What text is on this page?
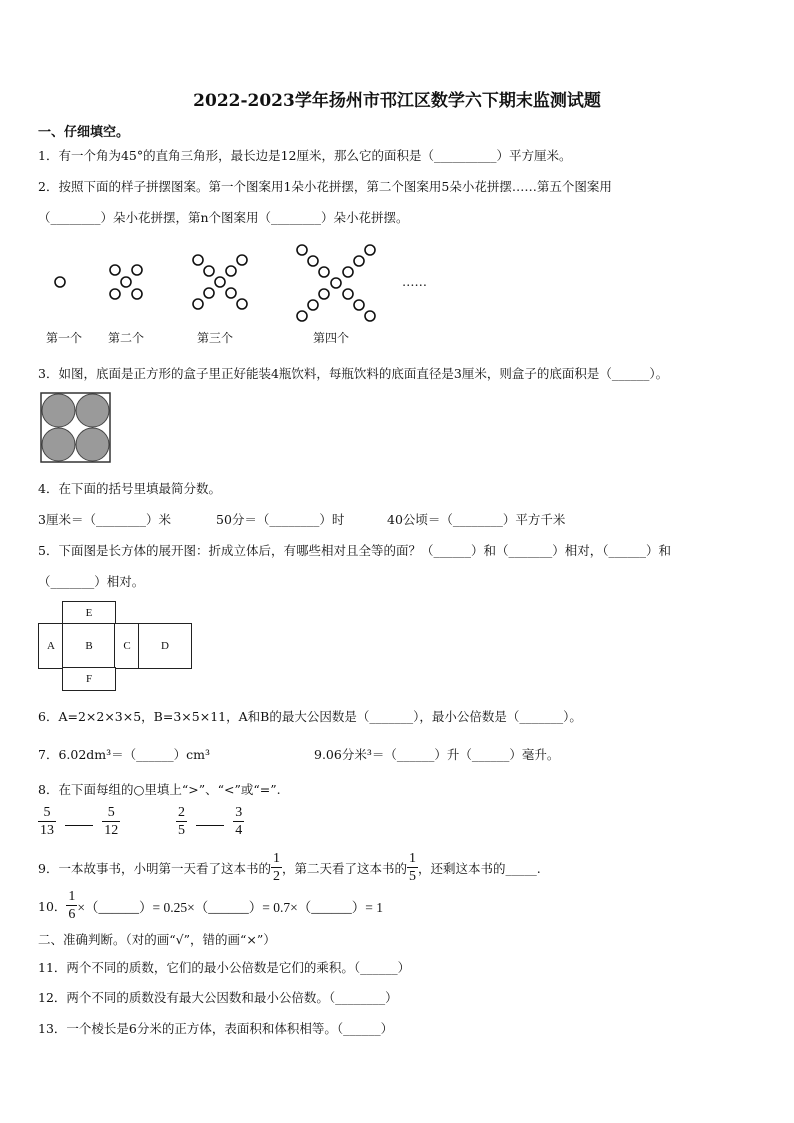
2022-2023学年扬州市邗江区数学六下期末监测试题
一、仔细填空。
1．有一个角为45°的直角三角形，最长边是12厘米，那么它的面积是（__________）平方厘米。
2．按照下面的样子拼摆图案。第一个图案用1朵小花拼摆，第二个图案用5朵小花拼摆……第五个图案用
（________）朵小花拼摆，第n个图案用（________）朵小花拼摆。
……
第一个 第二个	第三个	第四个
3．如图，底面是正方形的盒子里正好能装4瓶饮料，每瓶饮料的底面直径是3厘米，则盒子的底面积是（______）。
4．在下面的括号里填最简分数。
3厘米＝（________）米	50分＝（________）时	40公顷＝（________）平方千米
5．下面图是长方体的展开图：折成立体后，有哪些相对且全等的面？（______）和（_______）相对，（______）和
（_______）相对。
E
A	B	C	D
F
6．A=2×2×3×5，B=3×5×11，A和B的最大公因数是（_______），最小公倍数是（_______）。
7．6.02dm³＝（______）cm³	9.06分米³＝（______）升（______）毫升。
8．在下面每组的○里填上“>”、“<”或“=”.
$\frac{5}{13}$
	$\frac{5}{12}$	$\frac{2}{5}$
	$\frac{3}{4}$
9．一本故事书，小明第一天看了这本书的 $\frac{1}{2}$ ，第二天看了这本书的 $\frac{1}{5}$ ，还剩这本书的_____.
10． $\frac{1}{6}$ ×（______）= 0.25×（______）= 0.7×（______）= 1
二、准确判断。（对的画“√”，错的画“×”）
11．两个不同的质数，它们的最小公倍数是它们的乘积。（______）
12．两个不同的质数没有最大公因数和最小公倍数。（________）
13．一个棱长是6分米的正方体，表面积和体积相等。（______）
